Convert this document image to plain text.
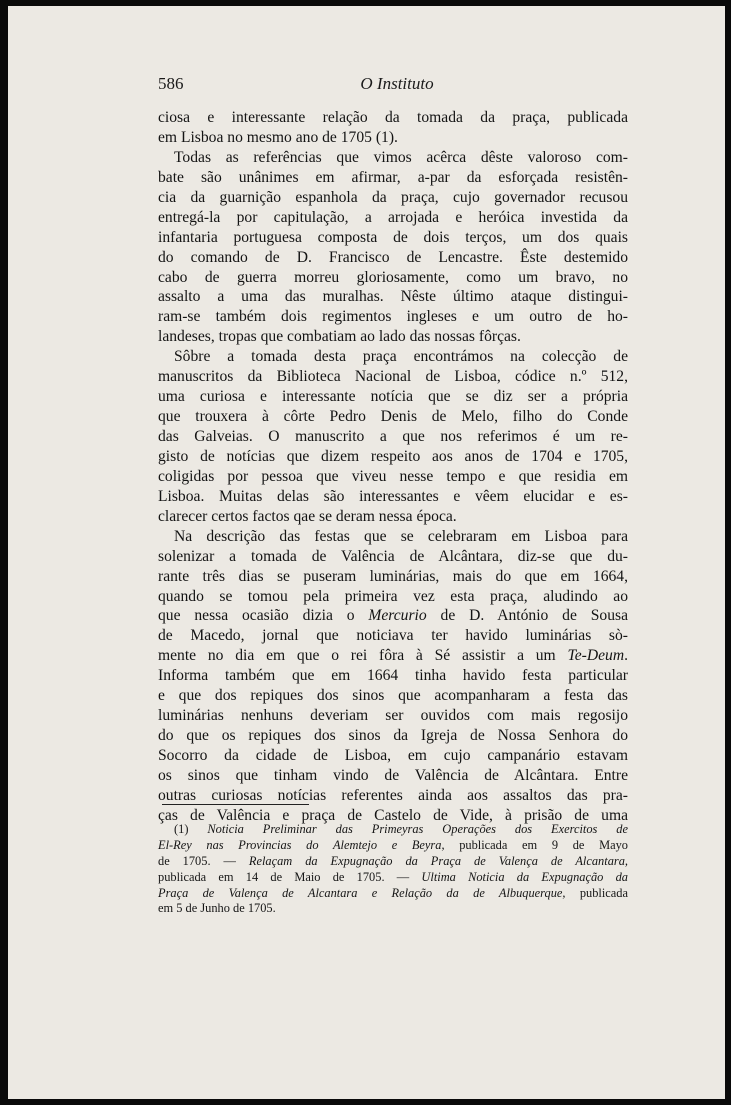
586	O Instituto
ciosa e interessante relação da tomada da praça, publicada
em Lisboa no mesmo ano de 1705 (1).
Todas as referências que vimos acêrca dêste valoroso com-
bate são unânimes em afirmar, a-par da esforçada resistên-
cia da guarnição espanhola da praça, cujo governador recusou
entregá-la por capitulação, a arrojada e heróica investida da
infantaria portuguesa composta de dois terços, um dos quais
do comando de D. Francisco de Lencastre. Êste destemido
cabo de guerra morreu gloriosamente, como um bravo, no
assalto a uma das muralhas. Nêste último ataque distingui-
ram-se também dois regimentos ingleses e um outro de ho-
landeses, tropas que combatiam ao lado das nossas fôrças.
Sôbre a tomada desta praça encontrámos na colecção de
manuscritos da Biblioteca Nacional de Lisboa, códice n.º 512,
uma curiosa e interessante notícia que se diz ser a própria
que trouxera à côrte Pedro Denis de Melo, filho do Conde
das Galveias. O manuscrito a que nos referimos é um re-
gisto de notícias que dizem respeito aos anos de 1704 e 1705,
coligidas por pessoa que viveu nesse tempo e que residia em
Lisboa. Muitas delas são interessantes e vêem elucidar e es-
clarecer certos factos qae se deram nessa época.
Na descrição das festas que se celebraram em Lisboa para
solenizar a tomada de Valência de Alcântara, diz-se que du-
rante três dias se puseram luminárias, mais do que em 1664,
quando se tomou pela primeira vez esta praça, aludindo ao
que nessa ocasião dizia o Mercurio de D. António de Sousa
de Macedo, jornal que noticiava ter havido luminárias sò-
mente no dia em que o rei fôra à Sé assistir a um Te-Deum.
Informa também que em 1664 tinha havido festa particular
e que dos repiques dos sinos que acompanharam a festa das
luminárias nenhuns deveriam ser ouvidos com mais regosijo
do que os repiques dos sinos da Igreja de Nossa Senhora do
Socorro da cidade de Lisboa, em cujo campanário estavam
os sinos que tinham vindo de Valência de Alcântara. Entre
outras curiosas notícias referentes ainda aos assaltos das pra-
ças de Valência e praça de Castelo de Vide, à prisão de uma
(1) Noticia Preliminar das Primeyras Operações dos Exercitos de
El-Rey nas Provincias do Alemtejo e Beyra, publicada em 9 de Mayo
de 1705. — Relaçam da Expugnação da Praça de Valença de Alcantara,
publicada em 14 de Maio de 1705. — Ultima Noticia da Expugnação da
Praça de Valença de Alcantara e Relação da de Albuquerque, publicada
em 5 de Junho de 1705.
